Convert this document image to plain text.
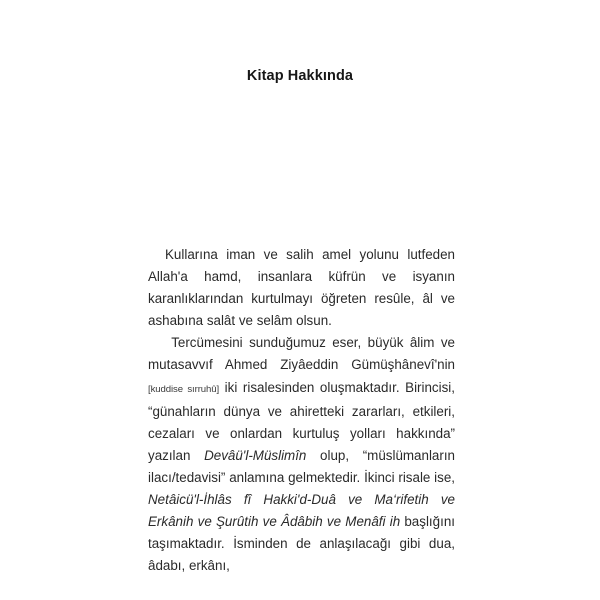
Kitap Hakkında

Kullarına iman ve salih amel yolunu lutfeden Allah'a hamd, insanlara küfrün ve isyanın karanlıklarından kurtulmayı öğreten resûle, âl ve ashabına salât ve selâm olsun.

Tercümesini sunduğumuz eser, büyük âlim ve mutasavvıf Ahmed Ziyâeddin Gümüşhânevî'nin [kuddise sırruhû] iki risalesinden oluşmaktadır. Birincisi, “günahların dünya ve ahiretteki zararları, etkileri, cezaları ve onlardan kurtuluş yolları hakkında” yazılan Devâü'l-Müslimîn olup, “müslümanların ilacı/tedavisi” anlamına gelmektedir. İkinci risale ise, Netâicü'l-İhlâs fî Hakki'd-Duâ ve Ma‘rifetih ve Erkânih ve Şurûtih ve Âdâbih ve Menâfi ih başlığını taşımaktadır. İsminden de anlaşılacağı gibi dua, âdabı, erkânı,
